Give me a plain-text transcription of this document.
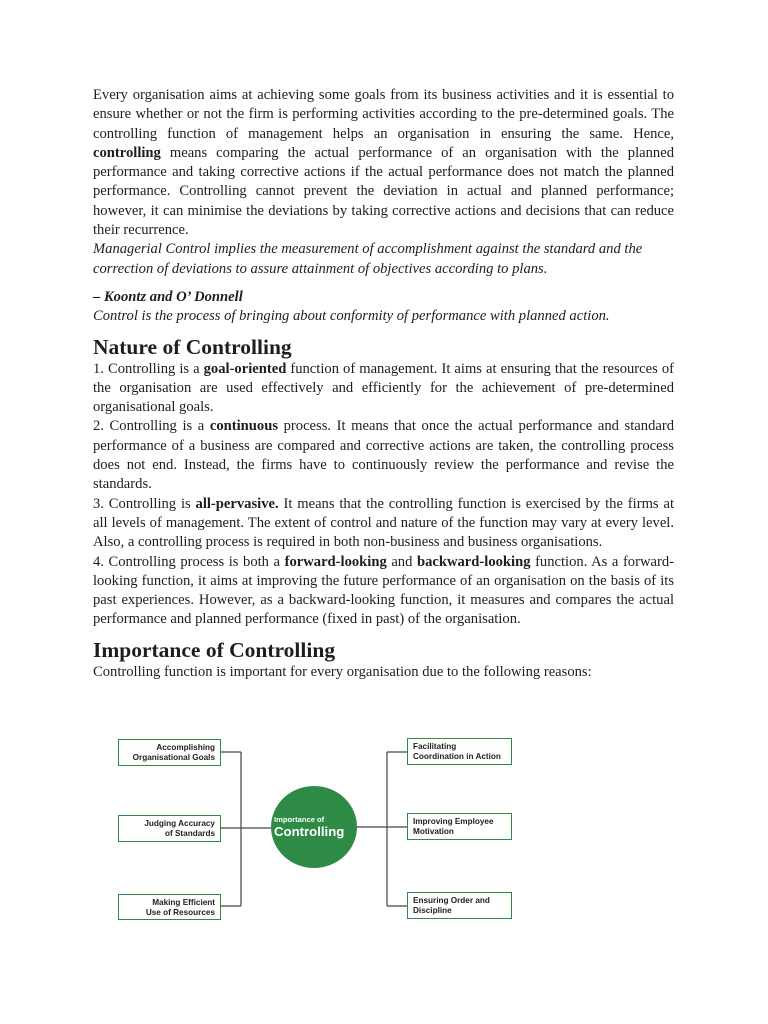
Every organisation aims at achieving some goals from its business activities and it is essential to ensure whether or not the firm is performing activities according to the pre-determined goals. The controlling function of management helps an organisation in ensuring the same. Hence, controlling means comparing the actual performance of an organisation with the planned performance and taking corrective actions if the actual performance does not match the planned performance. Controlling cannot prevent the deviation in actual and planned performance; however, it can minimise the deviations by taking corrective actions and decisions that can reduce their recurrence.

Managerial Control implies the measurement of accomplishment against the standard and the correction of deviations to assure attainment of objectives according to plans.

– Koontz and O’ Donnell

Control is the process of bringing about conformity of performance with planned action.

Nature of Controlling

1. Controlling is a goal-oriented function of management. It aims at ensuring that the resources of the organisation are used effectively and efficiently for the achievement of pre-determined organisational goals.

2. Controlling is a continuous process. It means that once the actual performance and standard performance of a business are compared and corrective actions are taken, the controlling process does not end. Instead, the firms have to continuously review the performance and revise the standards.

3. Controlling is all-pervasive. It means that the controlling function is exercised by the firms at all levels of management. The extent of control and nature of the function may vary at every level. Also, a controlling process is required in both non-business and business organisations.

4. Controlling process is both a forward-looking and backward-looking function. As a forward-looking function, it aims at improving the future performance of an organisation on the basis of its past experiences. However, as a backward-looking function, it measures and compares the actual performance and planned performance (fixed in past) of the organisation.

Importance of Controlling

Controlling function is important for every organisation due to the following reasons:

Accomplishing
Organisational Goals
Judging Accuracy
of Standards
Making Efficient
Use of Resources
Importance of
Controlling
Facilitating
Coordination in Action
Improving Employee
Motivation
Ensuring Order and
Discipline
